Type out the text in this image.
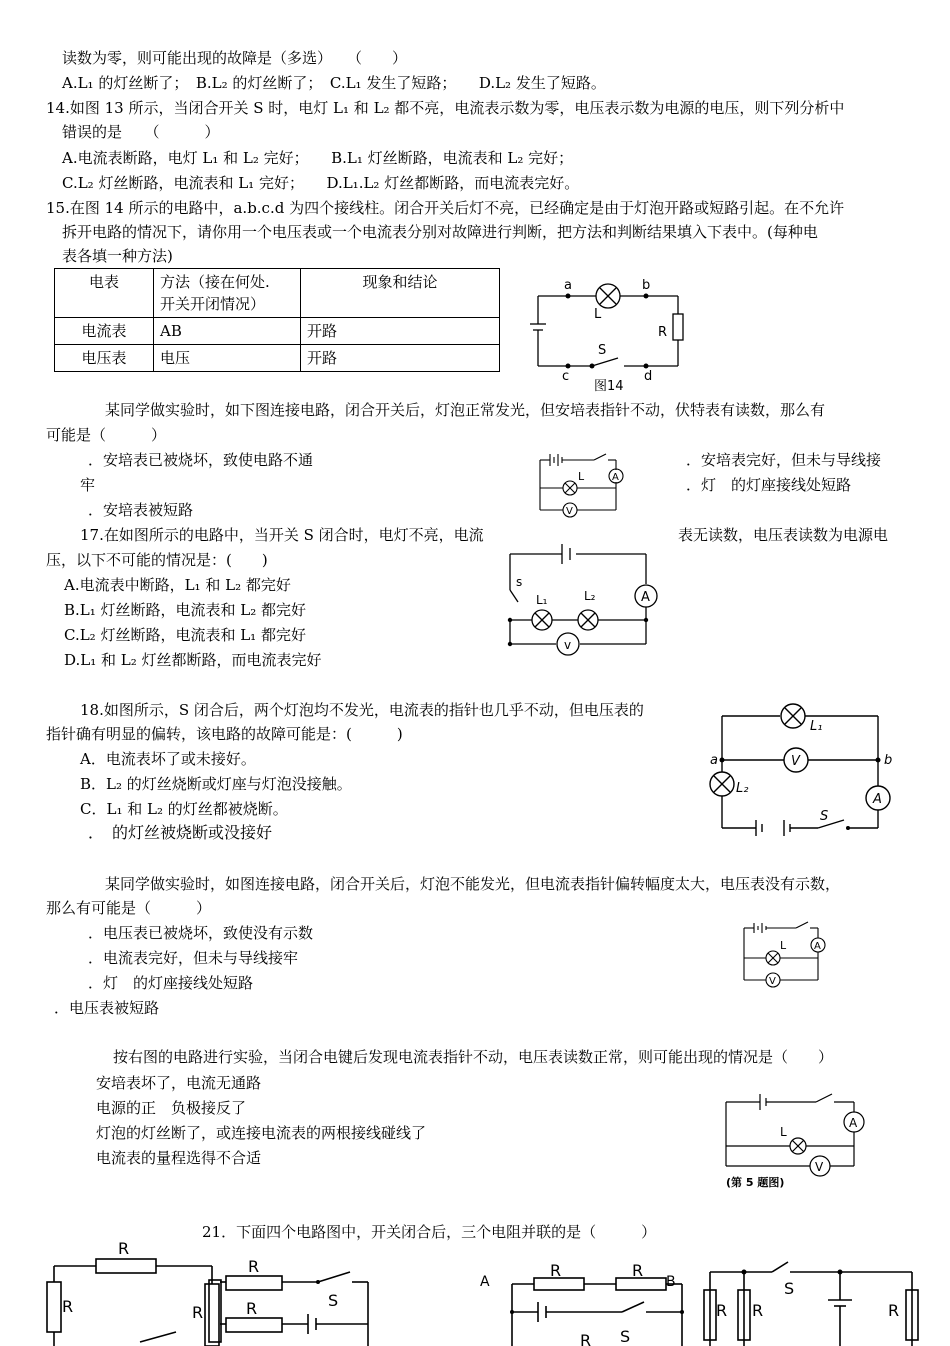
读数为零，则可能出现的故障是（多选）　　（　　）
A.L₁ 的灯丝断了；　B.L₂ 的灯丝断了；　C.L₁ 发生了短路；　　D.L₂ 发生了短路。
14.如图 13 所示，当闭合开关 S 时，电灯 L₁ 和 L₂ 都不亮，电流表示数为零，电压表示数为电源的电压，则下列分析中
错误的是　　（　　　）
A.电流表断路，电灯 L₁ 和 L₂ 完好；　　B.L₁ 灯丝断路，电流表和 L₂ 完好；
C.L₂ 灯丝断路，电流表和 L₁ 完好；　　D.L₁.L₂ 灯丝都断路，而电流表完好。
15.在图 14 所示的电路中，a.b.c.d 为四个接线柱。闭合开关后灯不亮，已经确定是由于灯泡开路或短路引起。在不允许
拆开电路的情况下，请你用一个电压表或一个电流表分别对故障进行判断，把方法和判断结果填入下表中。(每种电
表各填一种方法)
电表	方法（接在何处.
开关开闭情况）	现象和结论
电流表	AB	开路
电压表	电压	开路
a	b
c	d
L
R
S
图14
某同学做实验时，如下图连接电路，闭合开关后，灯泡正常发光，但安培表指针不动，伏特表有读数，那么有
可能是（　　　）
．安培表已被烧坏，致使电路不通
牢
．安培表完好，但未与导线接
．灯　的灯座接线处短路
．安培表被短路
L	A
V
17.在如图所示的电路中，当开关 S 闭合时，电灯不亮，电流	表无读数，电压表读数为电源电
压，以下不可能的情况是：(　　)
A.电流表中断路，L₁ 和 L₂ 都完好
B.L₁ 灯丝断路，电流表和 L₂ 都完好
C.L₂ 灯丝断路，电流表和 L₁ 都完好
D.L₁ 和 L₂ 灯丝都断路，而电流表完好
s
L₁	L₂	A
v
18.如图所示，S 闭合后，两个灯泡均不发光，电流表的指针也几乎不动，但电压表的
指针确有明显的偏转，该电路的故障可能是：(　　　)
A．电流表坏了或未接好。
B．L₂ 的灯丝烧断或灯座与灯泡没接触。
C．L₁ 和 L₂ 的灯丝都被烧断。
．　的灯丝被烧断或没接好
L₁
L₂
a	b
V
A
S
某同学做实验时，如图连接电路，闭合开关后，灯泡不能发光，但电流表指针偏转幅度太大，电压表没有示数，
那么有可能是（　　　）
．电压表已被烧坏，致使没有示数
．电流表完好，但未与导线接牢
．灯　的灯座接线处短路
．电压表被短路
L	A
V
按右图的电路进行实验，当闭合电键后发现电流表指针不动，电压表读数正常，则可能出现的情况是（　　）
安培表坏了，电流无通路
电源的正　负极接反了
灯泡的灯丝断了，或连接电流表的两根接线碰线了
电流表的量程选得不合适
L
A
V
(第 5 题图)
21．下面四个电路图中，开关闭合后，三个电阻并联的是（　　　）
R
R	R
R
R	S
A	B
R	R
R S
R R
S
R
